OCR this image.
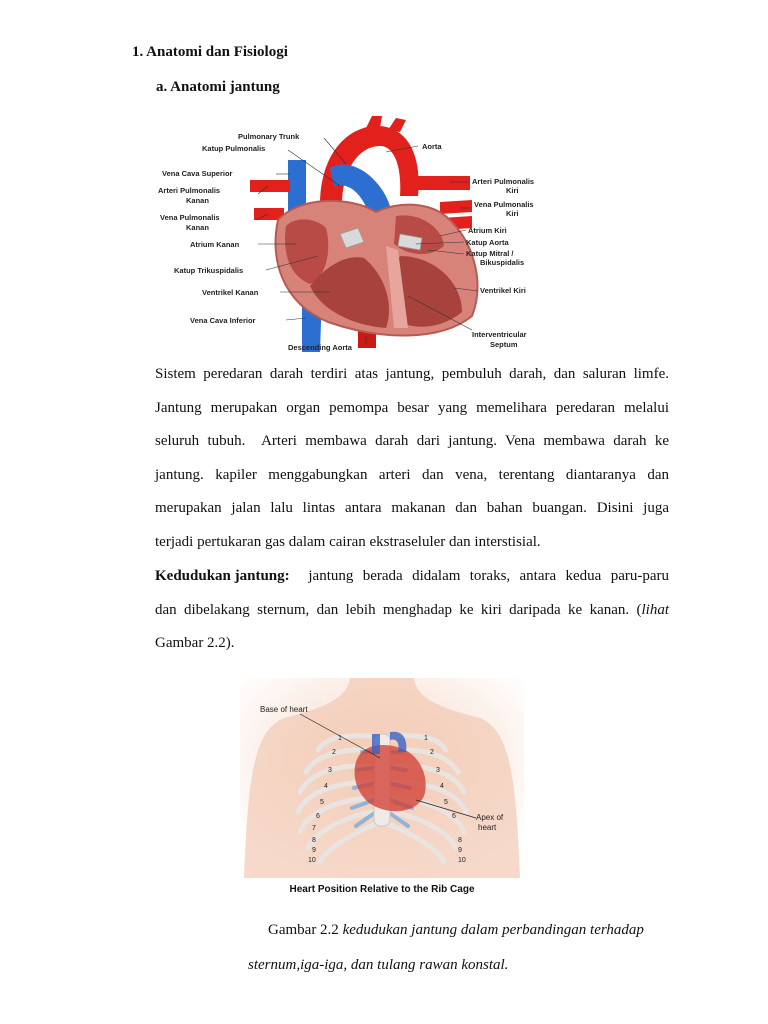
1. Anatomi dan Fisiologi
a. Anatomi jantung
Pulmonary Trunk
Katup Pulmonalis
Vena Cava Superior
Arteri Pulmonalis
Kanan
Vena Pulmonalis
Kanan
Atrium Kanan
Katup Trikuspidalis
Ventrikel Kanan
Vena Cava Inferior
Descending Aorta
Aorta
Arteri Pulmonalis
Kiri
Vena Pulmonalis
Kiri
Atrium Kiri
Katup Aorta
Katup Mitral /
Bikuspidalis
Ventrikel Kiri
Interventricular
Septum
Sistem peredaran darah terdiri atas jantung, pembuluh darah, dan saluran limfe.
Jantung merupakan organ pemompa besar yang memelihara peredaran melalui
seluruh tubuh.  Arteri membawa darah dari jantung. Vena membawa darah ke
jantung. kapiler menggabungkan arteri dan vena, terentang diantaranya dan
merupakan jalan lalu lintas antara makanan dan bahan buangan. Disini juga
terjadi pertukaran gas dalam cairan ekstraseluler dan interstisial.
Kedudukan jantung: jantung berada didalam toraks, antara kedua paru-paru
dan dibelakang sternum, dan lebih menghadap ke kiri daripada ke kanan. ( lihat
Gambar 2.2).
Base of heart
Apex of
heart
1	1
2	2
3	3
4	4
5	5
6	6
7
8	8
9	9
10	10
Heart Position Relative to the Rib Cage
Gambar 2.2 kedudukan jantung dalam perbandingan terhadap
sternum,iga-iga, dan tulang rawan konstal.
